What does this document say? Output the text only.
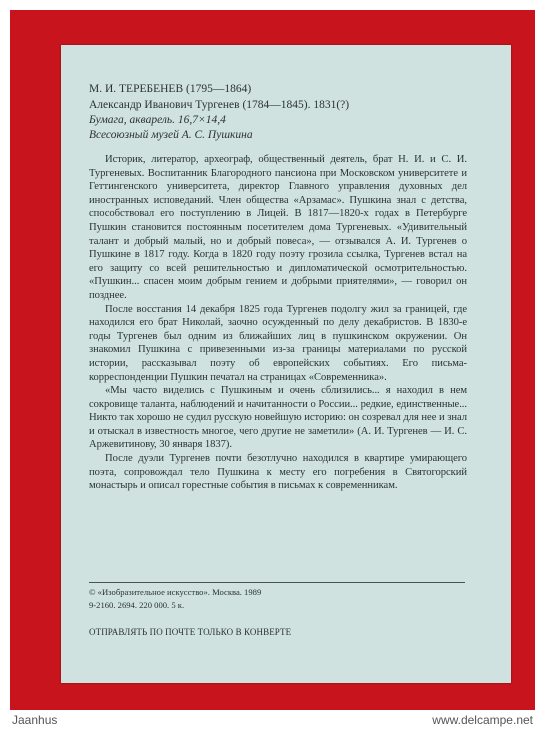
М. И. ТЕРЕБЕНЕВ (1795—1864)
Александр Иванович Тургенев (1784—1845). 1831(?)
Бумага, акварель. 16,7×14,4
Всесоюзный музей А. С. Пушкина

Историк, литератор, археограф, общественный деятель, брат Н. И. и С. И. Тургеневых. Воспитанник Благородного пансиона при Московском университете и Геттингенского университета, директор Главного управления духовных дел иностранных исповеданий. Член общества «Арзамас». Пушкина знал с детства, способствовал его поступлению в Лицей. В 1817—1820-х годах в Петербурге Пушкин становится постоянным посетителем дома Тургеневых. «Удивительный талант и добрый малый, но и добрый повеса», — отзывался А. И. Тургенев о Пушкине в 1817 году. Когда в 1820 году поэту грозила ссылка, Тургенев встал на его защиту со всей решительностью и дипломатической осмотрительностью. «Пушкин... спасен моим добрым гением и добрыми приятелями», — говорил он позднее.

После восстания 14 декабря 1825 года Тургенев подолгу жил за границей, где находился его брат Николай, заочно осужденный по делу декабристов. В 1830-е годы Тургенев был одним из ближайших лиц в пушкинском окружении. Он знакомил Пушкина с привезенными из-за границы материалами по русской истории, рассказывал поэту об европейских событиях. Его письма-корреспонденции Пушкин печатал на страницах «Современника».

«Мы часто виделись с Пушкиным и очень сблизились... я находил в нем сокровище таланта, наблюдений и начитанности о России... редкие, единственные... Никто так хорошо не судил русскую новейшую историю: он созревал для нее и знал и отыскал в известность многое, чего другие не заметили» (А. И. Тургенев — И. С. Аржевитинову, 30 января 1837).

После дуэли Тургенев почти безотлучно находился в квартире умирающего поэта, сопровождал тело Пушкина к месту его погребения в Святогорский монастырь и описал горестные события в письмах к современникам.

© «Изобразительное искусство». Москва. 1989
9-2160. 2694. 220 000. 5 к.
ОТПРАВЛЯТЬ ПО ПОЧТЕ ТОЛЬКО В КОНВЕРТЕ
Jaanhus	www.delcampe.net
